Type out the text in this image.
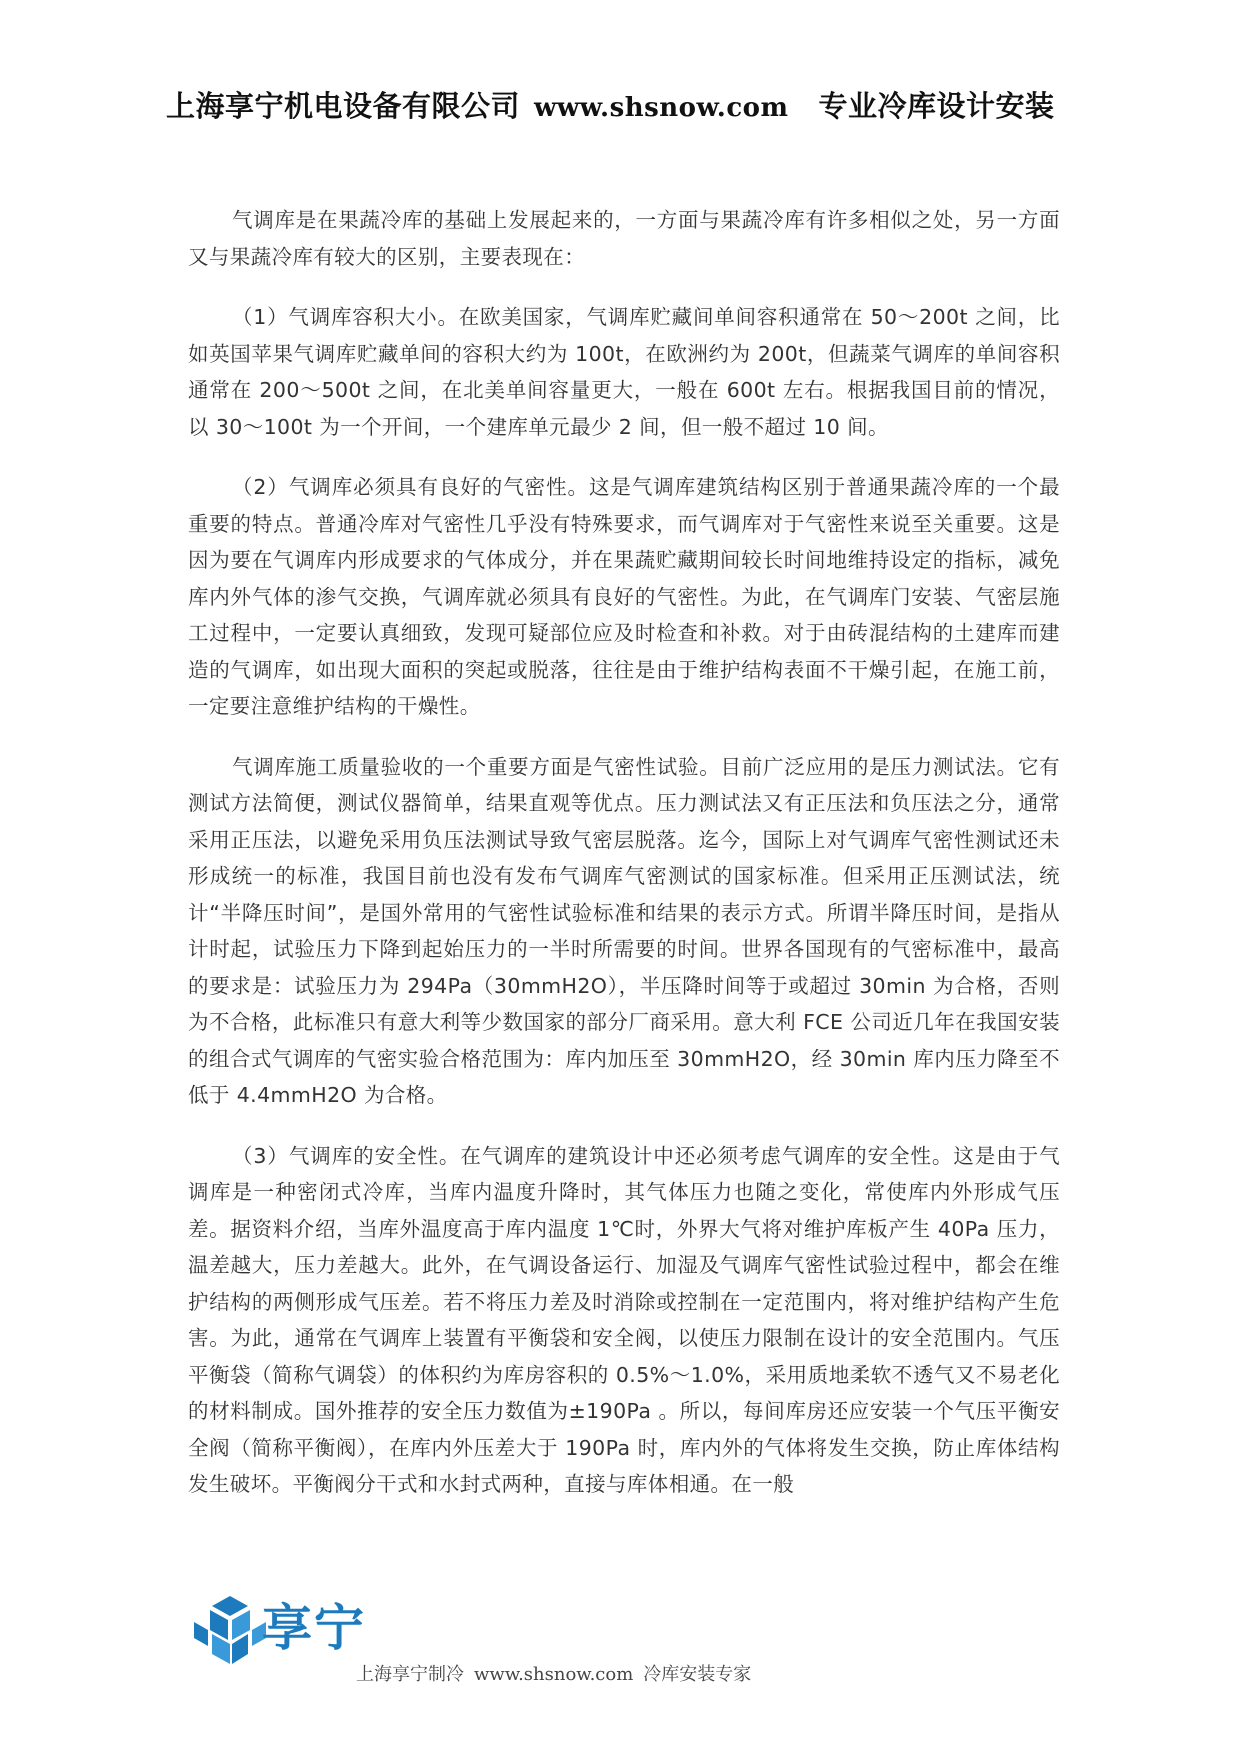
上海享宁机电设备有限公司 www.shsnow.com 专业冷库设计安装

气调库是在果蔬冷库的基础上发展起来的，一方面与果蔬冷库有许多相似之处，另一方面又与果蔬冷库有较大的区别，主要表现在：

（1）气调库容积大小。在欧美国家，气调库贮藏间单间容积通常在 50～200t 之间，比如英国苹果气调库贮藏单间的容积大约为 100t，在欧洲约为 200t，但蔬菜气调库的单间容积通常在 200～500t 之间，在北美单间容量更大，一般在 600t 左右。根据我国目前的情况，以 30～100t 为一个开间，一个建库单元最少 2 间，但一般不超过 10 间。

（2）气调库必须具有良好的气密性。这是气调库建筑结构区别于普通果蔬冷库的一个最重要的特点。普通冷库对气密性几乎没有特殊要求，而气调库对于气密性来说至关重要。这是因为要在气调库内形成要求的气体成分，并在果蔬贮藏期间较长时间地维持设定的指标，减免库内外气体的渗气交换，气调库就必须具有良好的气密性。为此，在气调库门安装、气密层施工过程中，一定要认真细致，发现可疑部位应及时检查和补救。对于由砖混结构的土建库而建造的气调库，如出现大面积的突起或脱落，往往是由于维护结构表面不干燥引起，在施工前，一定要注意维护结构的干燥性。

气调库施工质量验收的一个重要方面是气密性试验。目前广泛应用的是压力测试法。它有测试方法简便，测试仪器简单，结果直观等优点。压力测试法又有正压法和负压法之分，通常采用正压法，以避免采用负压法测试导致气密层脱落。迄今，国际上对气调库气密性测试还未形成统一的标准，我国目前也没有发布气调库气密测试的国家标准。但采用正压测试法，统计“半降压时间”，是国外常用的气密性试验标准和结果的表示方式。所谓半降压时间，是指从计时起，试验压力下降到起始压力的一半时所需要的时间。世界各国现有的气密标准中，最高的要求是：试验压力为 294Pa（30mmH2O），半压降时间等于或超过 30min 为合格，否则为不合格，此标准只有意大利等少数国家的部分厂商采用。意大利 FCE 公司近几年在我国安装的组合式气调库的气密实验合格范围为：库内加压至 30mmH2O，经 30min 库内压力降至不低于 4.4mmH2O 为合格。

（3）气调库的安全性。在气调库的建筑设计中还必须考虑气调库的安全性。这是由于气调库是一种密闭式冷库，当库内温度升降时，其气体压力也随之变化，常使库内外形成气压差。据资料介绍，当库外温度高于库内温度 1℃时，外界大气将对维护库板产生 40Pa 压力，温差越大，压力差越大。此外，在气调设备运行、加湿及气调库气密性试验过程中，都会在维护结构的两侧形成气压差。若不将压力差及时消除或控制在一定范围内，将对维护结构产生危害。为此，通常在气调库上装置有平衡袋和安全阀，以使压力限制在设计的安全范围内。气压平衡袋（简称气调袋）的体积约为库房容积的 0.5%～1.0%，采用质地柔软不透气又不易老化的材料制成。国外推荐的安全压力数值为±190Pa 。所以，每间库房还应安装一个气压平衡安全阀（简称平衡阀），在库内外压差大于 190Pa 时，库内外的气体将发生交换，防止库体结构发生破坏。平衡阀分干式和水封式两种，直接与库体相通。在一般

享宁
上海享宁制冷 www.shsnow.com 冷库安装专家
